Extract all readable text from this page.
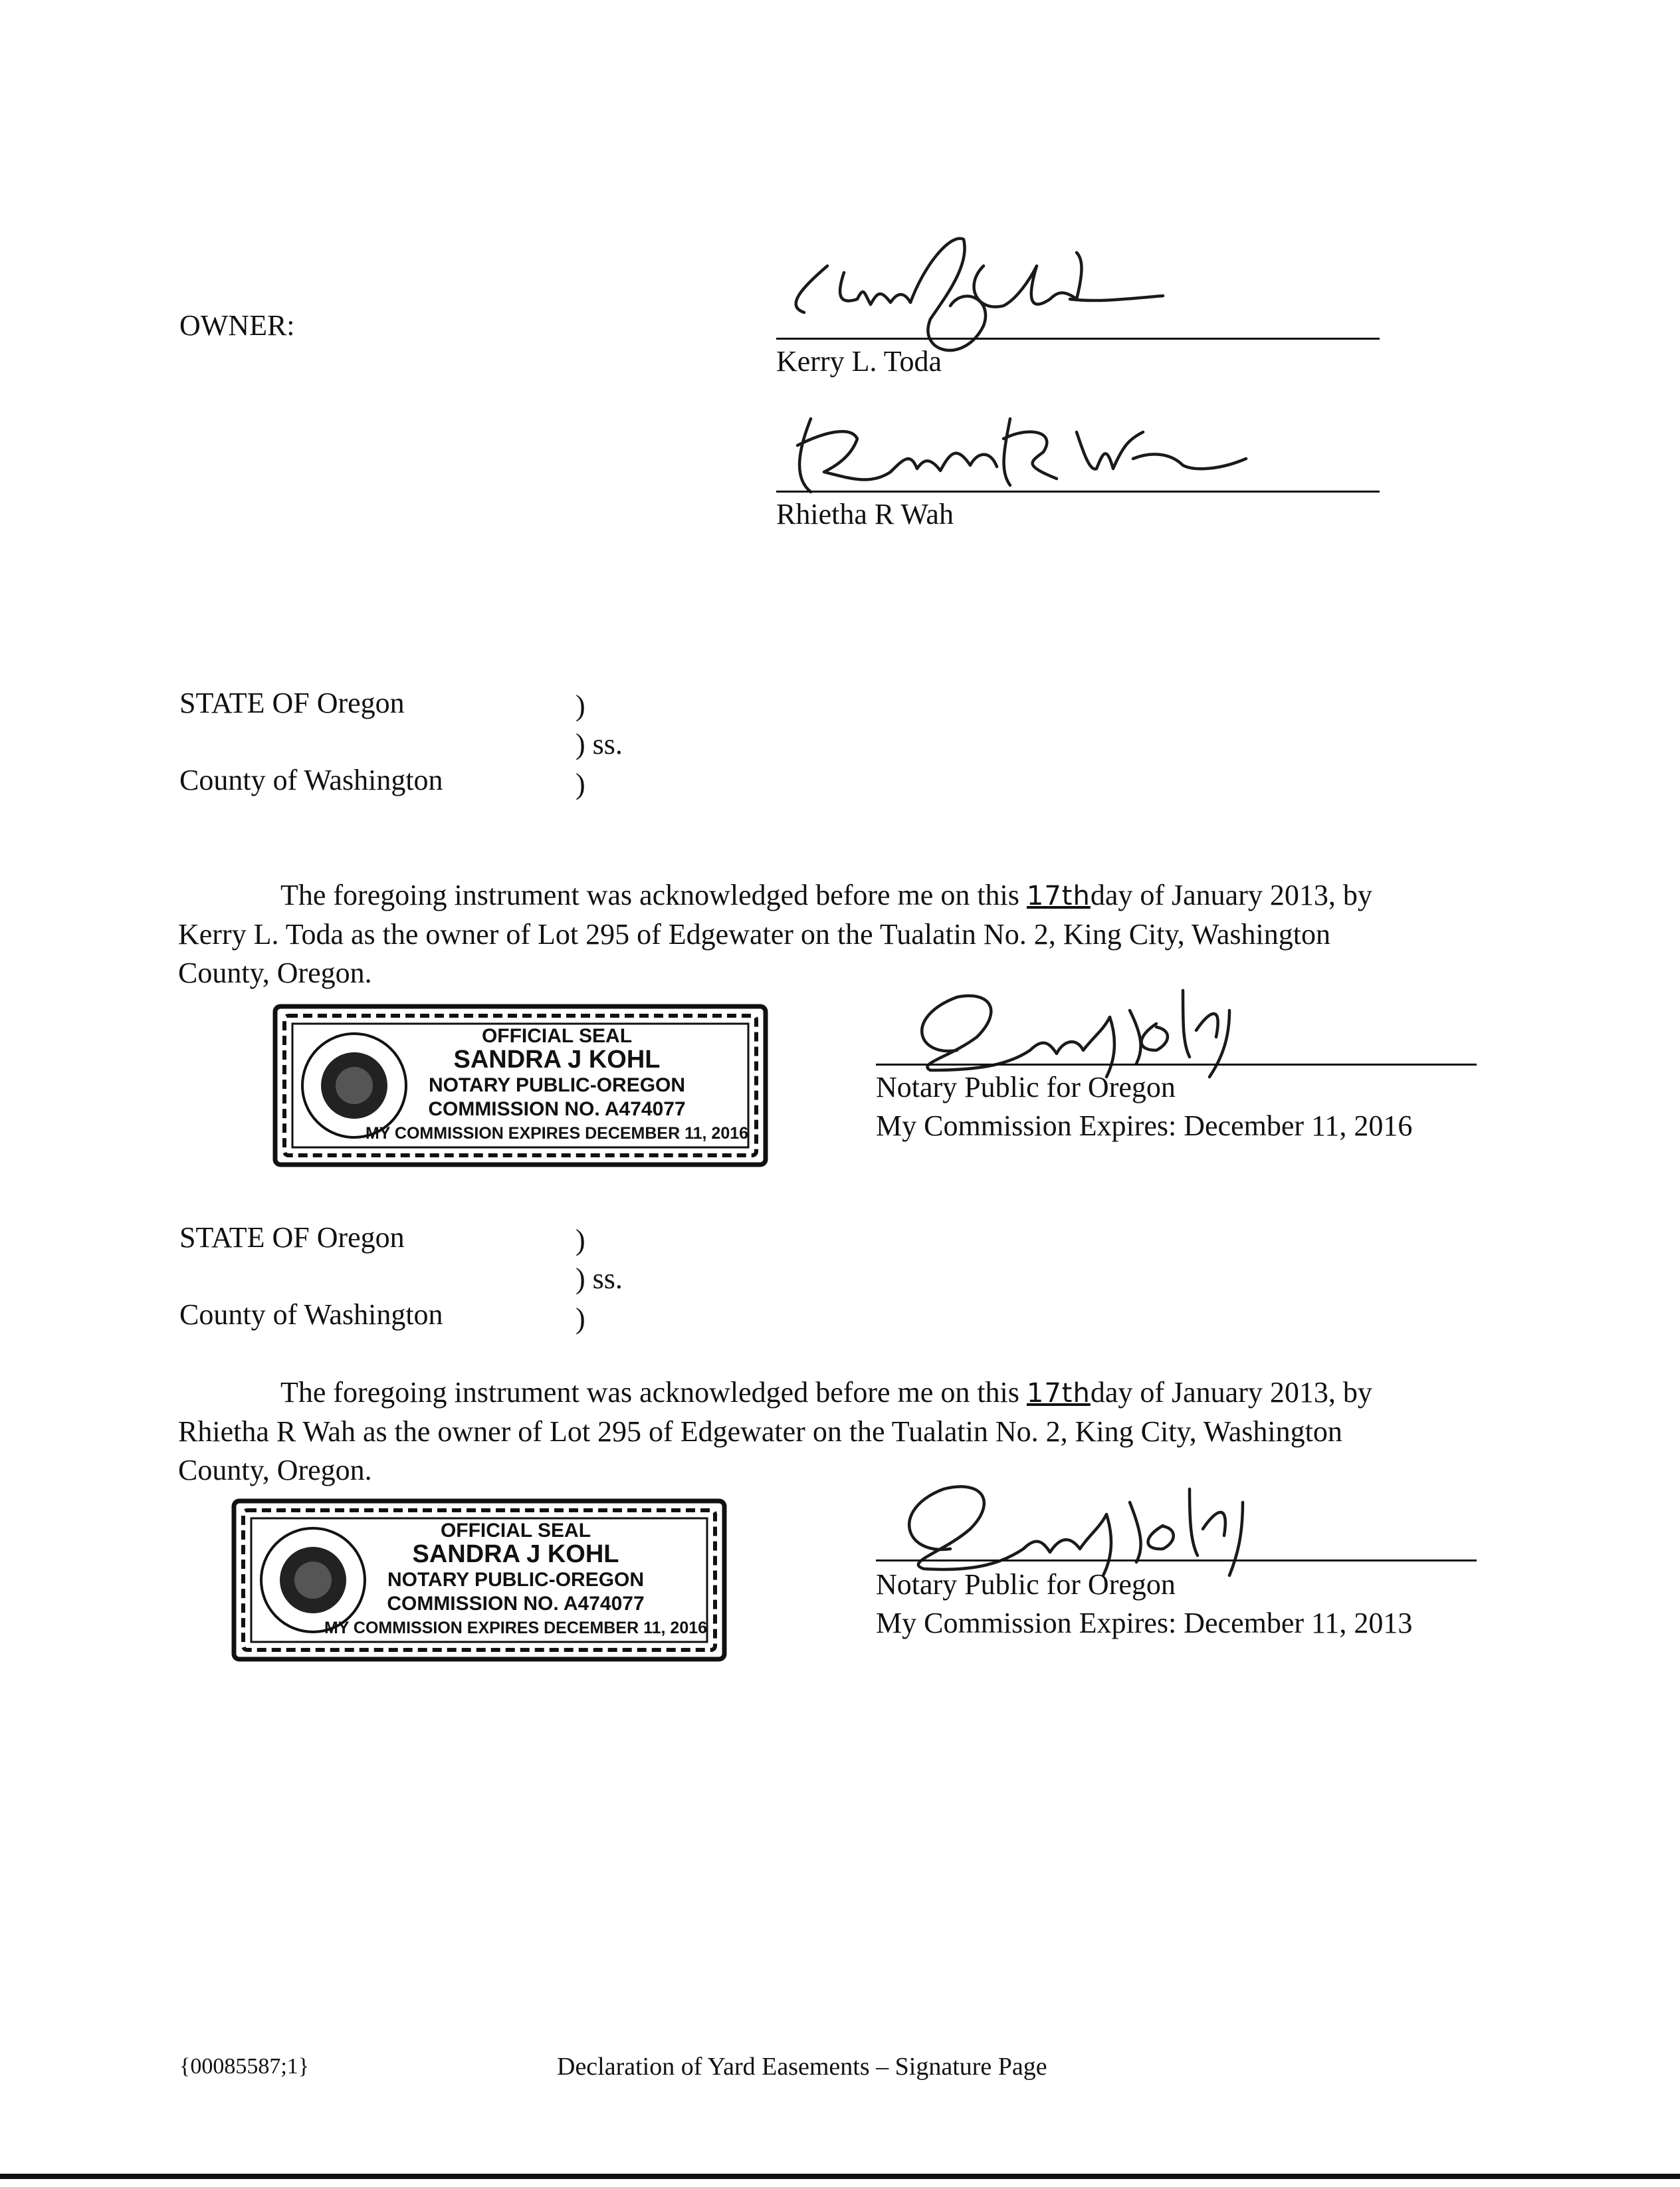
OWNER:
Kerry L. Toda
Rhietha R Wah
STATE OF Oregon	)
) ss.
County of Washington	)

The foregoing instrument was acknowledged before me on this 17thday of January 2013, by

Kerry L. Toda as the owner of Lot 295 of Edgewater on the Tualatin No. 2, King City, Washington

County, Oregon.

OFFICIAL SEAL
SANDRA J KOHL
NOTARY PUBLIC-OREGON
COMMISSION NO. A474077
MY COMMISSION EXPIRES DECEMBER 11, 2016
Notary Public for Oregon
My Commission Expires: December 11, 2016
STATE OF Oregon	)
) ss.
County of Washington	)

The foregoing instrument was acknowledged before me on this 17thday of January 2013, by

Rhietha R Wah as the owner of Lot 295 of Edgewater on the Tualatin No. 2, King City, Washington

County, Oregon.

OFFICIAL SEAL
SANDRA J KOHL
NOTARY PUBLIC-OREGON
COMMISSION NO. A474077
MY COMMISSION EXPIRES DECEMBER 11, 2016
Notary Public for Oregon
My Commission Expires: December 11, 2013
{00085587;1}	Declaration of Yard Easements – Signature Page
